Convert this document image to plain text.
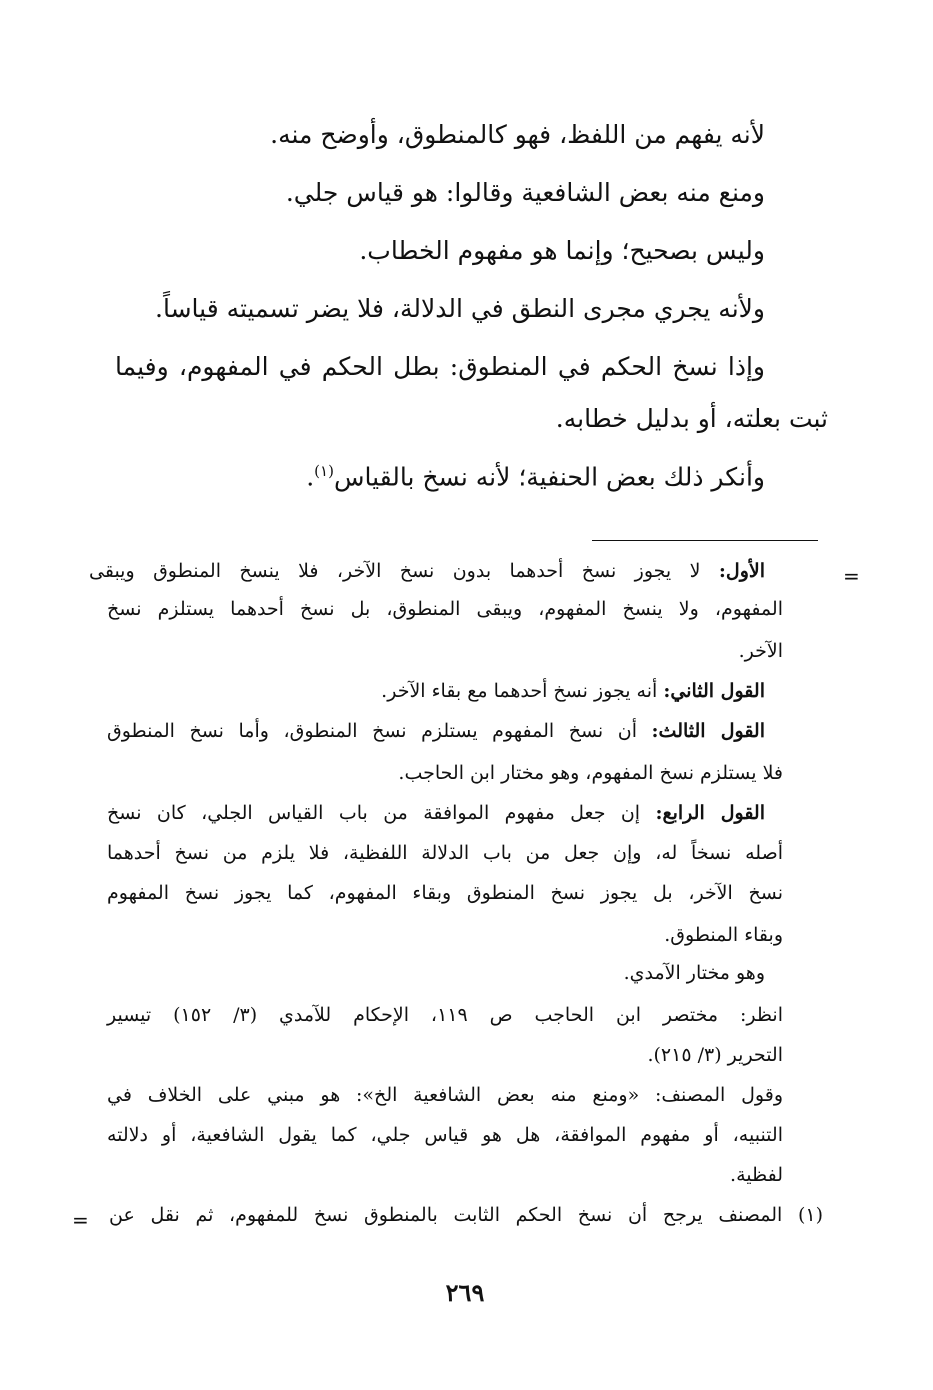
لأنه يفهم من اللفظ، فهو كالمنطوق، وأوضح منه.
ومنع منه بعض الشافعية وقالوا: هو قياس جلي.
وليس بصحيح؛ وإنما هو مفهوم الخطاب.
ولأنه يجري مجرى النطق في الدلالة، فلا يضر تسميته قياساً.
وإذا نسخ الحكم في المنطوق: بطل الحكم في المفهوم، وفيما
ثبت بعلته، أو بدليل خطابه.
وأنكر ذلك بعض الحنفية؛ لأنه نسخ بالقياس$^{(١)}$.
=
الأول: لا يجوز نسخ أحدهما بدون نسخ الآخر، فلا ينسخ المنطوق ويبقى
المفهوم، ولا ينسخ المفهوم، ويبقى المنطوق، بل نسخ أحدهما يستلزم نسخ
الآخر.
القول الثاني: أنه يجوز نسخ أحدهما مع بقاء الآخر.
القول الثالث: أن نسخ المفهوم يستلزم نسخ المنطوق، وأما نسخ المنطوق
فلا يستلزم نسخ المفهوم، وهو مختار ابن الحاجب.
القول الرابع: إن جعل مفهوم الموافقة من باب القياس الجلي، كان نسخ
أصله نسخاً له، وإن جعل من باب الدلالة اللفظية، فلا يلزم من نسخ أحدهما
نسخ الآخر، بل يجوز نسخ المنطوق وبقاء المفهوم، كما يجوز نسخ المفهوم
وبقاء المنطوق.
وهو مختار الآمدي.
انظر: مختصر ابن الحاجب ص ١١٩، الإحكام للآمدي (٣/ ١٥٢) تيسير
التحرير (٣/ ٢١٥).
وقول المصنف: «ومنع منه بعض الشافعية الخ»: هو مبني على الخلاف في
التنبيه، أو مفهوم الموافقة، هل هو قياس جلي، كما يقول الشافعية، أو دلالته
لفظية.
(١) المصنف يرجح أن نسخ الحكم الثابت بالمنطوق نسخ للمفهوم، ثم نقل عن
=
٢٦٩
